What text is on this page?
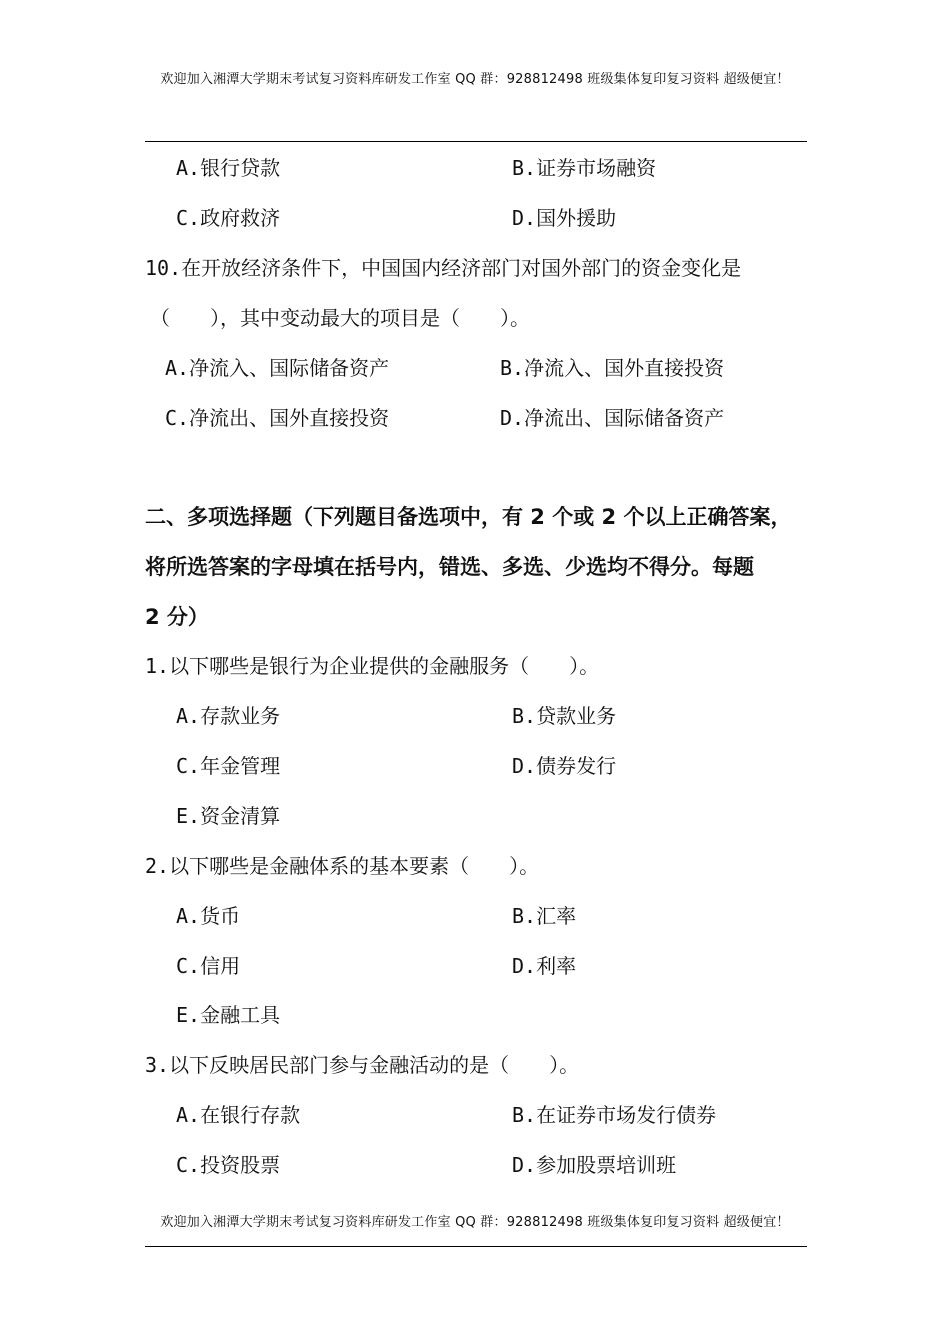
欢迎加入湘潭大学期末考试复习资料库研发工作室 QQ 群：928812498 班级集体复印复习资料 超级便宜！
A.银行贷款	B.证券市场融资
C.政府救济	D.国外援助
10.在开放经济条件下，中国国内经济部门对国外部门的资金变化是
（　　），其中变动最大的项目是（　　）。
A.净流入、国际储备资产	B.净流入、国外直接投资
C.净流出、国外直接投资	D.净流出、国际储备资产
二、多项选择题（下列题目备选项中，有 2 个或 2 个以上正确答案，
将所选答案的字母填在括号内，错选、多选、少选均不得分。每题
2 分）
1.以下哪些是银行为企业提供的金融服务（　　）。
A.存款业务	B.贷款业务
C.年金管理	D.债券发行
E.资金清算
2.以下哪些是金融体系的基本要素（　　）。
A.货币	B.汇率
C.信用	D.利率
E.金融工具
3.以下反映居民部门参与金融活动的是（　　）。
A.在银行存款	B.在证券市场发行债券
C.投资股票	D.参加股票培训班
欢迎加入湘潭大学期末考试复习资料库研发工作室 QQ 群：928812498 班级集体复印复习资料 超级便宜！
